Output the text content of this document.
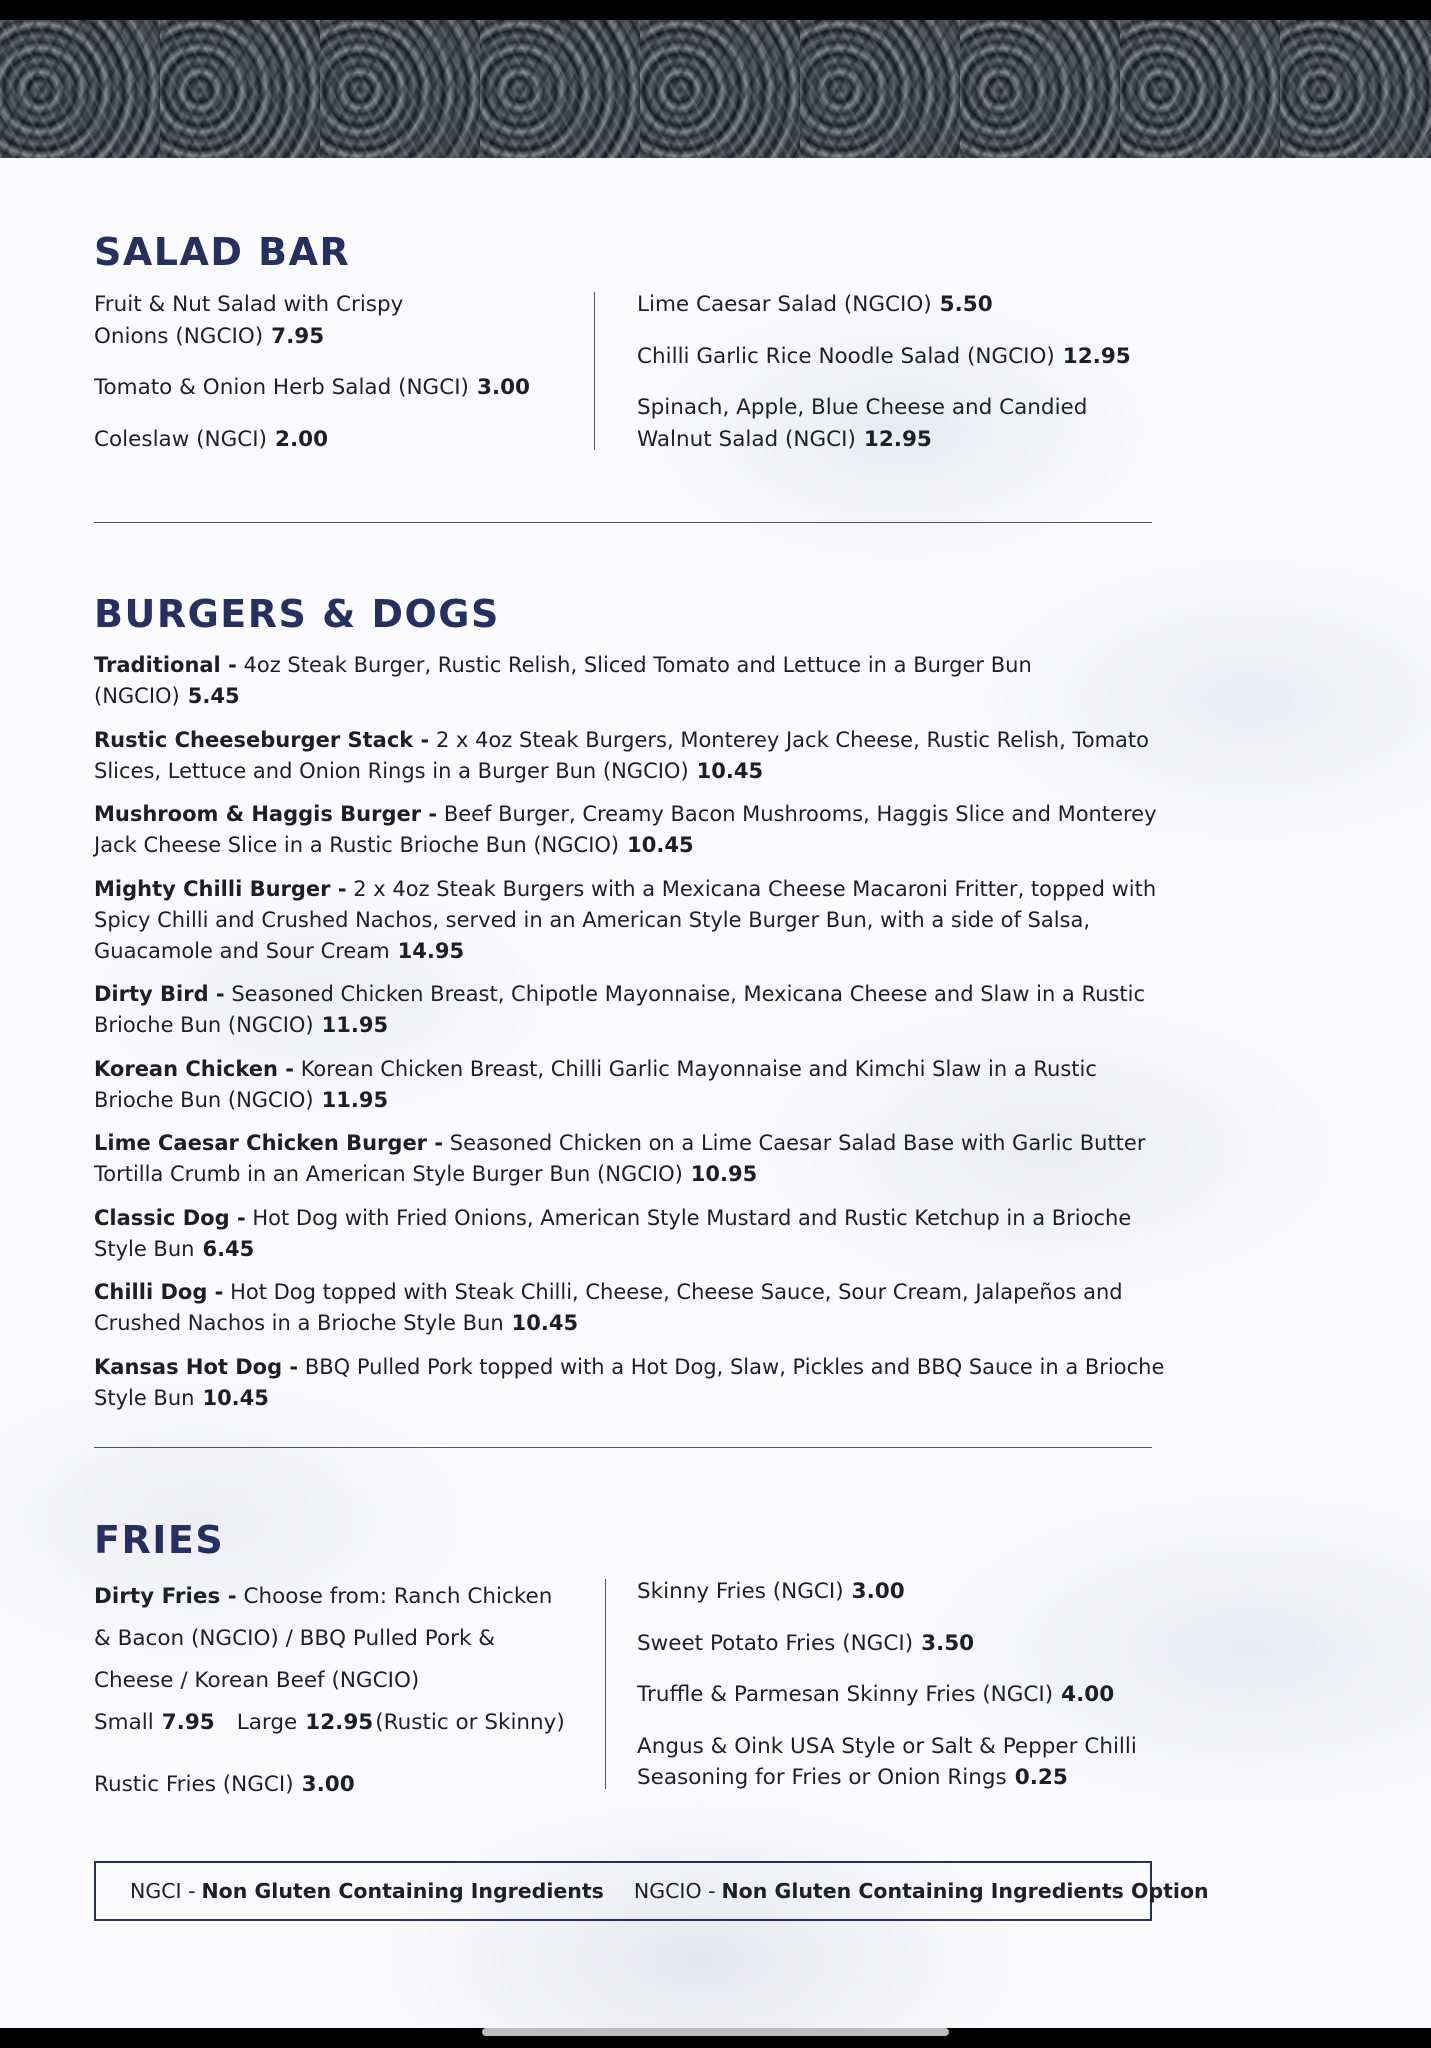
SALAD BAR
Fruit & Nut Salad with Crispy Onions (NGCIO) 7.95
Tomato & Onion Herb Salad (NGCI) 3.00
Coleslaw (NGCI) 2.00
Lime Caesar Salad (NGCIO) 5.50
Chilli Garlic Rice Noodle Salad (NGCIO) 12.95
Spinach, Apple, Blue Cheese and Candied Walnut Salad (NGCI) 12.95
BURGERS & DOGS
Traditional - 4oz Steak Burger, Rustic Relish, Sliced Tomato and Lettuce in a Burger Bun (NGCIO) 5.45
Rustic Cheeseburger Stack - 2 x 4oz Steak Burgers, Monterey Jack Cheese, Rustic Relish, Tomato Slices, Lettuce and Onion Rings in a Burger Bun (NGCIO) 10.45
Mushroom & Haggis Burger - Beef Burger, Creamy Bacon Mushrooms, Haggis Slice and Monterey Jack Cheese Slice in a Rustic Brioche Bun (NGCIO) 10.45
Mighty Chilli Burger - 2 x 4oz Steak Burgers with a Mexicana Cheese Macaroni Fritter, topped with Spicy Chilli and Crushed Nachos, served in an American Style Burger Bun, with a side of Salsa, Guacamole and Sour Cream 14.95
Dirty Bird - Seasoned Chicken Breast, Chipotle Mayonnaise, Mexicana Cheese and Slaw in a Rustic Brioche Bun (NGCIO) 11.95
Korean Chicken - Korean Chicken Breast, Chilli Garlic Mayonnaise and Kimchi Slaw in a Rustic Brioche Bun (NGCIO) 11.95
Lime Caesar Chicken Burger - Seasoned Chicken on a Lime Caesar Salad Base with Garlic Butter Tortilla Crumb in an American Style Burger Bun (NGCIO) 10.95
Classic Dog - Hot Dog with Fried Onions, American Style Mustard and Rustic Ketchup in a Brioche Style Bun 6.45
Chilli Dog - Hot Dog topped with Steak Chilli, Cheese, Cheese Sauce, Sour Cream, Jalapeños and Crushed Nachos in a Brioche Style Bun 10.45
Kansas Hot Dog - BBQ Pulled Pork topped with a Hot Dog, Slaw, Pickles and BBQ Sauce in a Brioche Style Bun 10.45
FRIES
Dirty Fries - Choose from: Ranch Chicken & Bacon (NGCIO) / BBQ Pulled Pork & Cheese / Korean Beef (NGCIO)
Small 7.95 Large 12.95(Rustic or Skinny)
Rustic Fries (NGCI) 3.00
Skinny Fries (NGCI) 3.00
Sweet Potato Fries (NGCI) 3.50
Truffle & Parmesan Skinny Fries (NGCI) 4.00
Angus & Oink USA Style or Salt & Pepper Chilli Seasoning for Fries or Onion Rings 0.25
NGCI - Non Gluten Containing Ingredients NGCIO - Non Gluten Containing Ingredients Option
